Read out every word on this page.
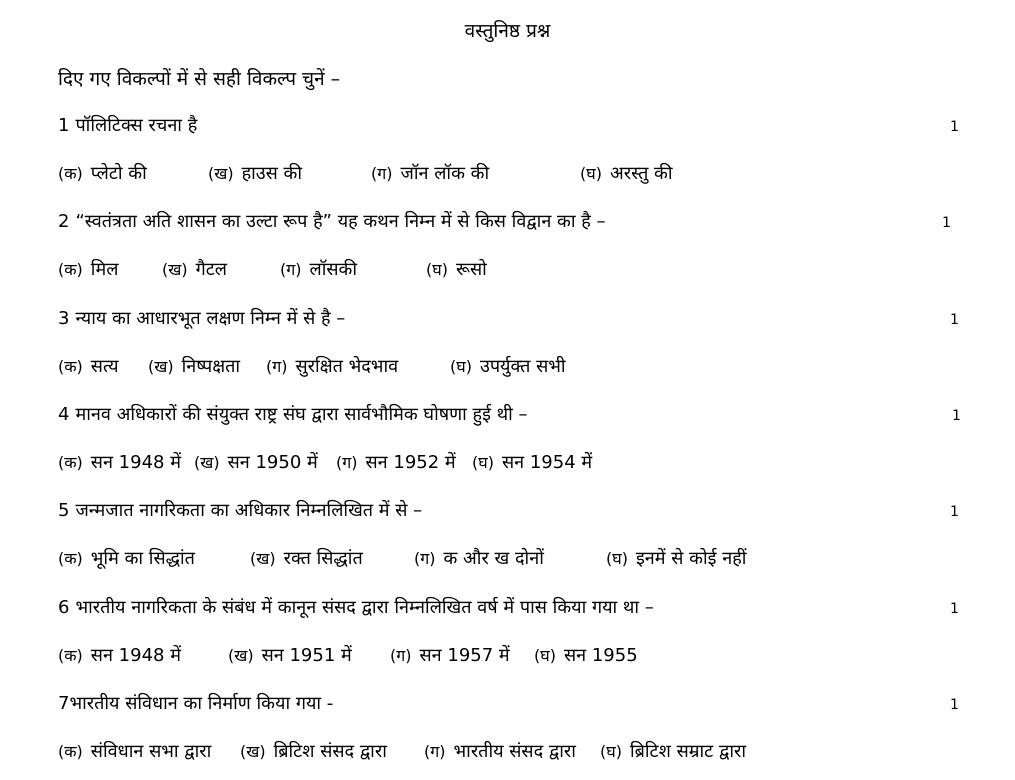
वस्तुनिष्ठ प्रश्न
दिए गए विकल्पों में से सही विकल्प चुनें –
1 पॉलिटिक्स रचना है	1
(क) प्लेटो की	(ख) हाउस की	(ग) जॉन लॉक की	(घ) अरस्तु की
2 “स्वतंत्रता अति शासन का उल्टा रूप है” यह कथन निम्न में से किस विद्वान का है –	1
(क) मिल	(ख) गैटल	(ग) लॉसकी	(घ) रूसो
3 न्याय का आधारभूत लक्षण निम्न में से है –	1
(क) सत्य (ख) निष्पक्षता (ग) सुरक्षित भेदभाव	(घ) उपर्युक्त सभी
4 मानव अधिकारों की संयुक्त राष्ट्र संघ द्वारा सार्वभौमिक घोषणा हुई थी –	1
(क) सन 1948 में (ख) सन 1950 में (ग) सन 1952 में (घ) सन 1954 में
5 जन्मजात नागरिकता का अधिकार निम्नलिखित में से –	1
(क) भूमि का सिद्धांत	(ख) रक्त सिद्धांत	(ग) क और ख दोनों	(घ) इनमें से कोई नहीं
6 भारतीय नागरिकता के संबंध में कानून संसद द्वारा निम्नलिखित वर्ष में पास किया गया था –	1
(क) सन 1948 में	(ख) सन 1951 में (ग) सन 1957 में (घ) सन 1955
7भारतीय संविधान का निर्माण किया गया -	1
(क) संविधान सभा द्वारा (ख) ब्रिटिश संसद द्वारा (ग) भारतीय संसद द्वारा (घ) ब्रिटिश सम्राट द्वारा
